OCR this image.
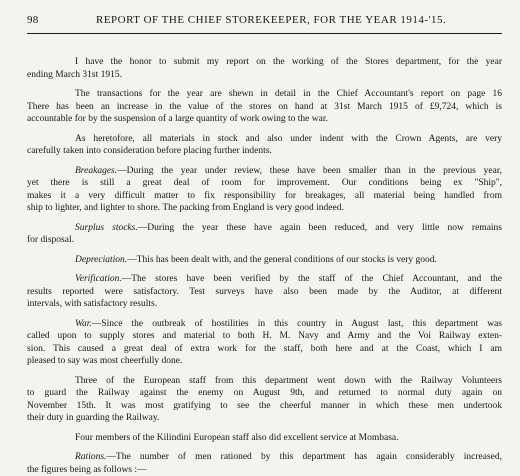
98	REPORT OF THE CHIEF STOREKEEPER, FOR THE YEAR 1914-'15.
I have the honor to submit my report on the working of the Stores department, for the year
ending March 31st 1915.
The transactions for the year are shewn in detail in the Chief Accountant's report on page 16
There has been an increase in the value of the stores on hand at 31st March 1915 of £9,724, which is
accountable for by the suspension of a large quantity of work owing to the war.
As heretofore, all materials in stock and also under indent with the Crown Agents, are very
carefully taken into consideration before placing further indents.
Breakages.—During the year under review, these have been smaller than in the previous year,
yet there is still a great deal of room for improvement. Our conditions being ex "Ship",
makes it a very difficult matter to fix responsibility for breakages, all material being handled from
ship to lighter, and lighter to shore. The packing from England is very good indeed.
Surplus stocks.—During the year these have again been reduced, and very little now remains
for disposal.
Depreciation.—This has been dealt with, and the general conditions of our stocks is very good.
Verification.—The stores have been verified by the staff of the Chief Accountant, and the
results reported were satisfactory. Test surveys have also been made by the Auditor, at different
intervals, with satisfactory results.
War.—Since the outbreak of hostilities in this country in August last, this department was
called upon to supply stores and material to both H. M. Navy and Army and the Voi Railway exten-
sion. This caused a great deal of extra work for the staff, both here and at the Coast, which I am
pleased to say was most cheerfully done.
Three of the European staff from this department went down with the Railway Volunteers
to guard the Railway against the enemy on August 9th, and returned to normal duty again on
November 15th. It was most gratifying to see the cheerful manner in which these men undertook
their duty in guarding the Railway.
Four members of the Kilindini European staff also did excellent service at Mombasa.
Rations.—The number of men rationed by this department has again considerably increased,
the figures being as follows :—
